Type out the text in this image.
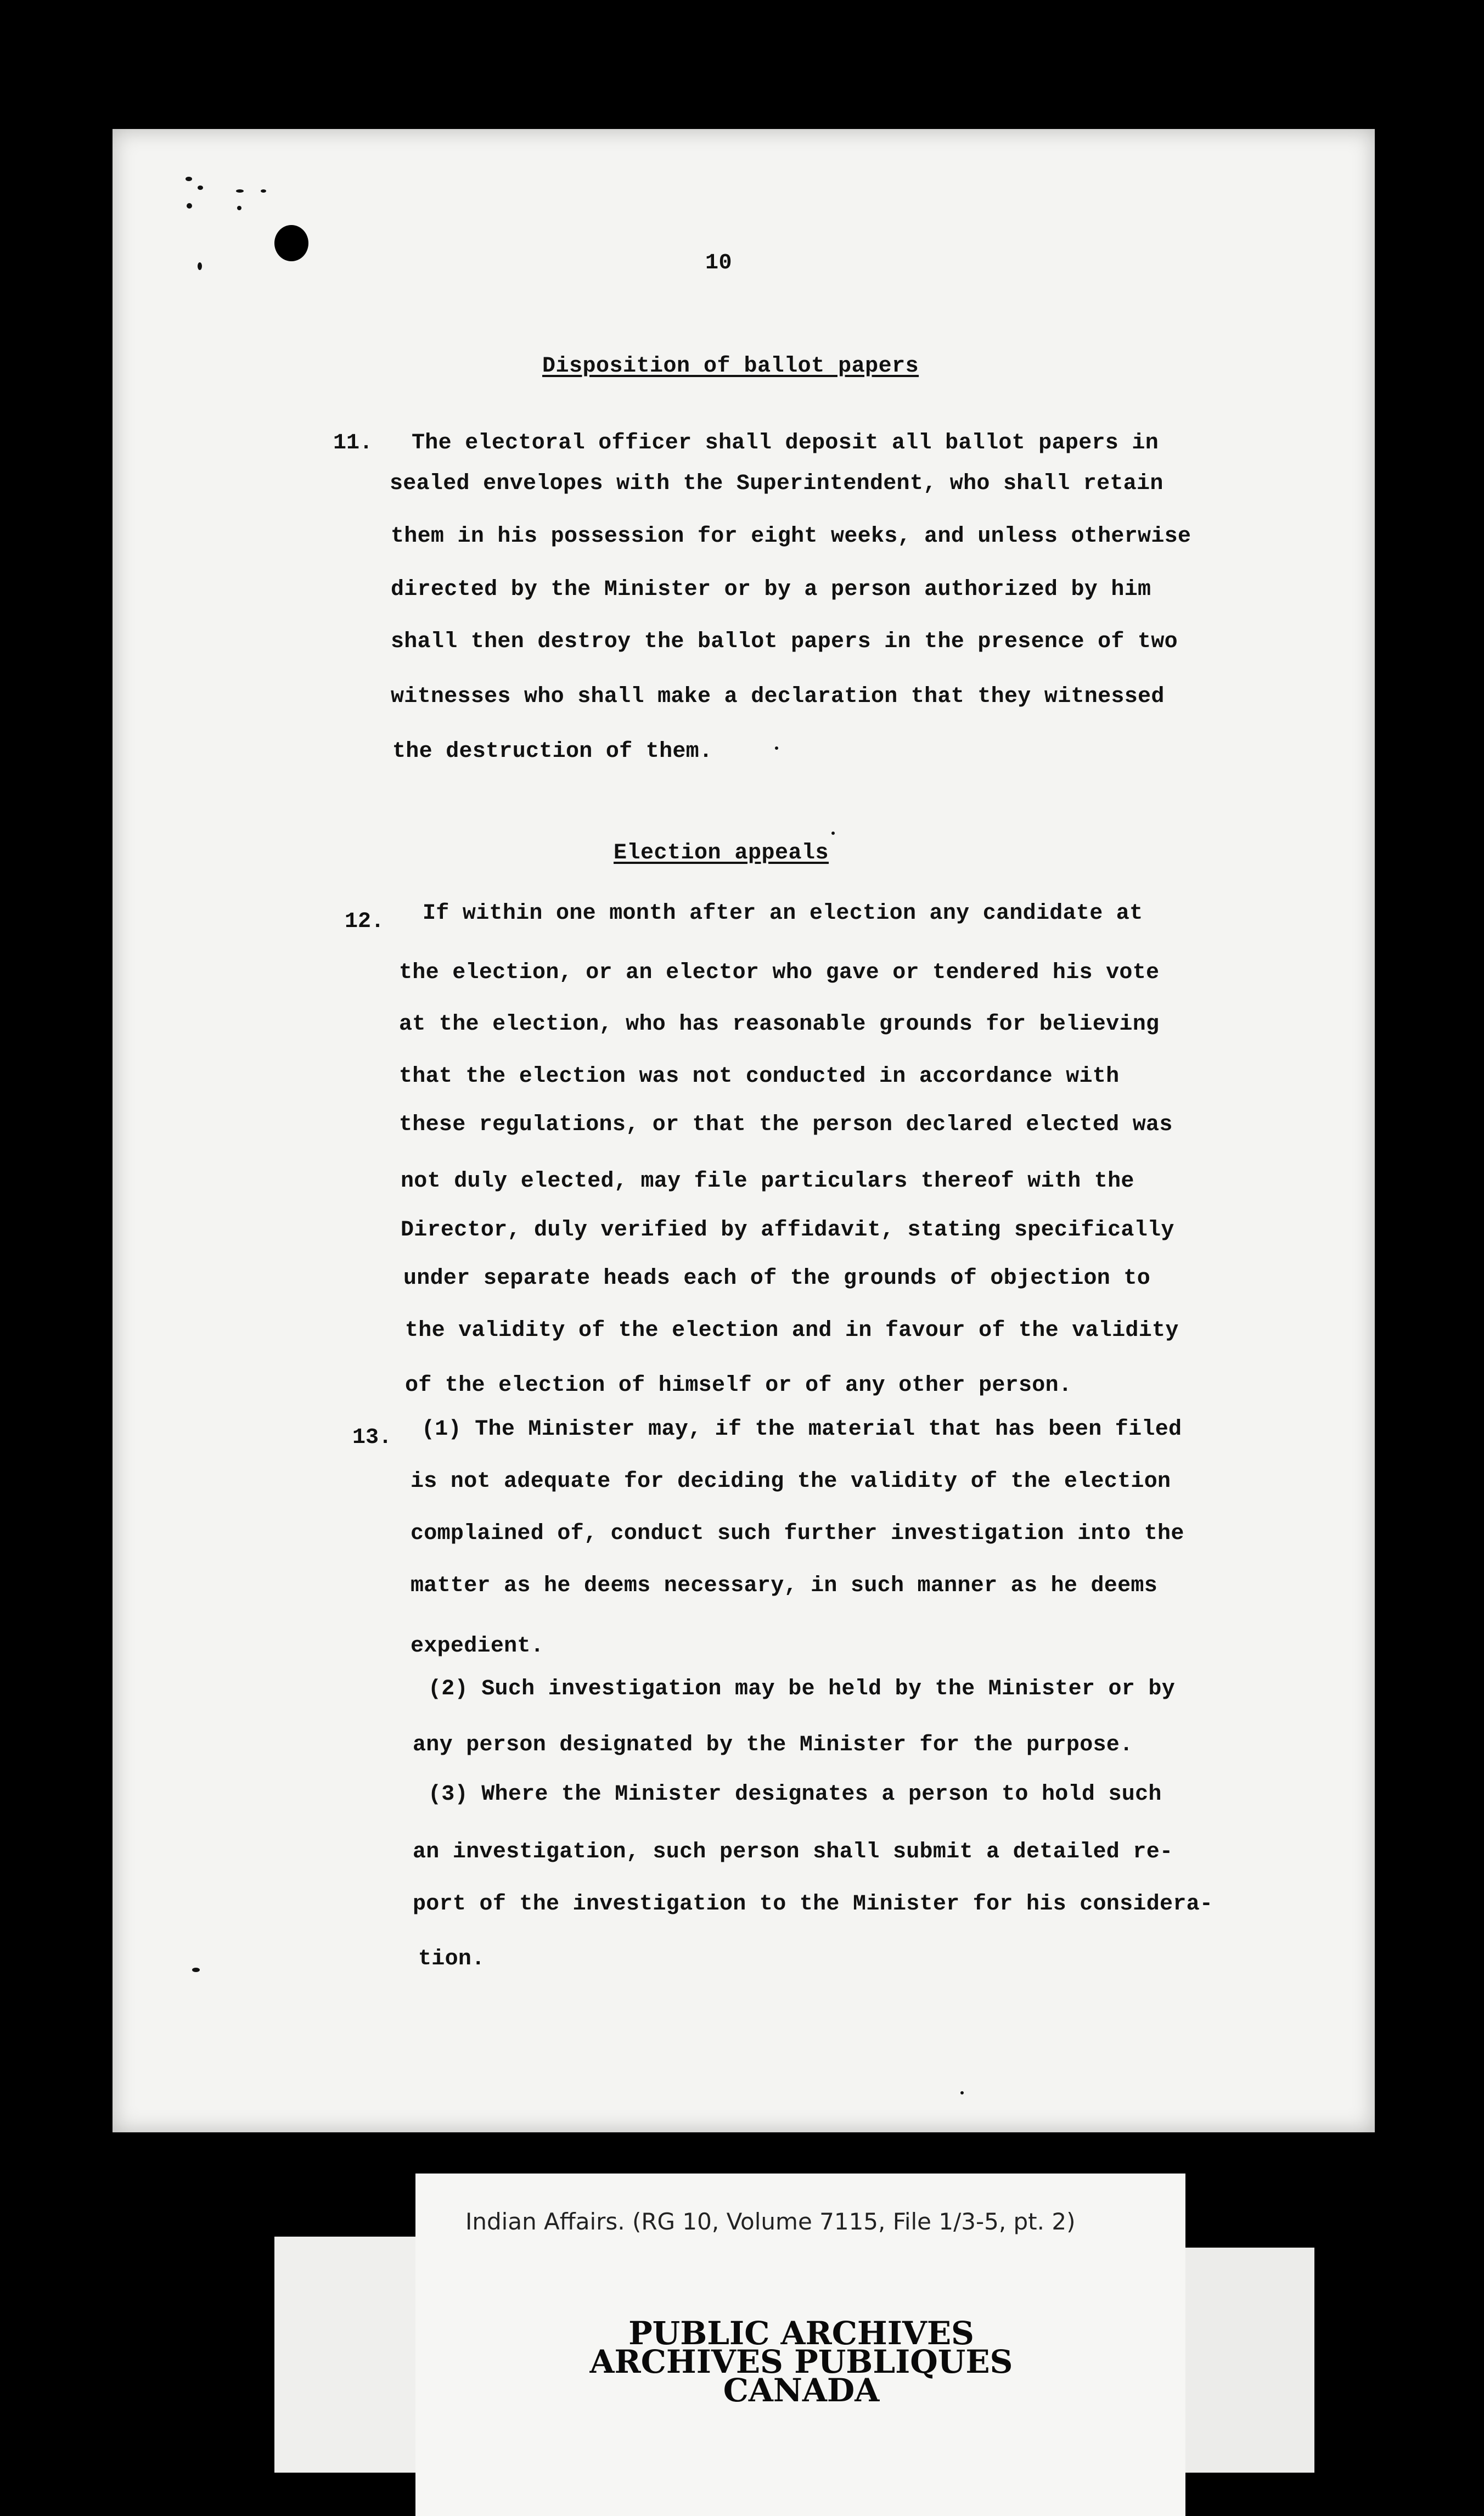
10
Disposition of ballot papers
11. The electoral officer shall deposit all ballot papers in
sealed envelopes with the Superintendent, who shall retain
them in his possession for eight weeks, and unless otherwise
directed by the Minister or by a person authorized by him
shall then destroy the ballot papers in the presence of two
witnesses who shall make a declaration that they witnessed
the destruction of them.
Election appeals
12. If within one month after an election any candidate at
the election, or an elector who gave or tendered his vote
at the election, who has reasonable grounds for believing
that the election was not conducted in accordance with
these regulations, or that the person declared elected was
not duly elected, may file particulars thereof with the
Director, duly verified by affidavit, stating specifically
under separate heads each of the grounds of objection to
the validity of the election and in favour of the validity
of the election of himself or of any other person.
13. (1) The Minister may, if the material that has been filed
is not adequate for deciding the validity of the election
complained of, conduct such further investigation into the
matter as he deems necessary, in such manner as he deems
expedient.
(2) Such investigation may be held by the Minister or by
any person designated by the Minister for the purpose.
(3) Where the Minister designates a person to hold such
an investigation, such person shall submit a detailed re-
port of the investigation to the Minister for his considera-
tion.
Indian Affairs. (RG 10, Volume 7115, File 1/3-5, pt. 2)
PUBLIC ARCHIVES
ARCHIVES PUBLIQUES
CANADA
